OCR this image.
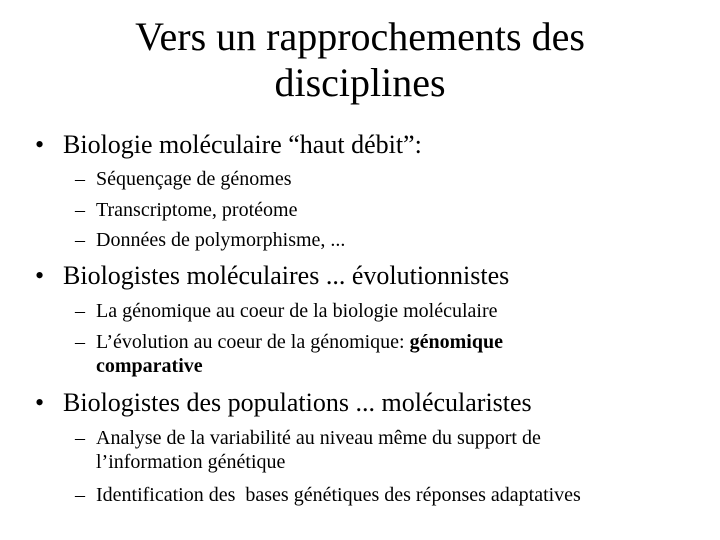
Vers un rapprochements des disciplines
• Biologie moléculaire “haut débit”:
– Séquençage de génomes
– Transcriptome, protéome
– Données de polymorphisme, ...
• Biologistes moléculaires ... évolutionnistes
– La génomique au coeur de la biologie moléculaire
– L’évolution au coeur de la génomique: génomique
comparative
• Biologistes des populations ... molécularistes
– Analyse de la variabilité au niveau même du support de
l’information génétique
– Identification des  bases génétiques des réponses adaptatives
